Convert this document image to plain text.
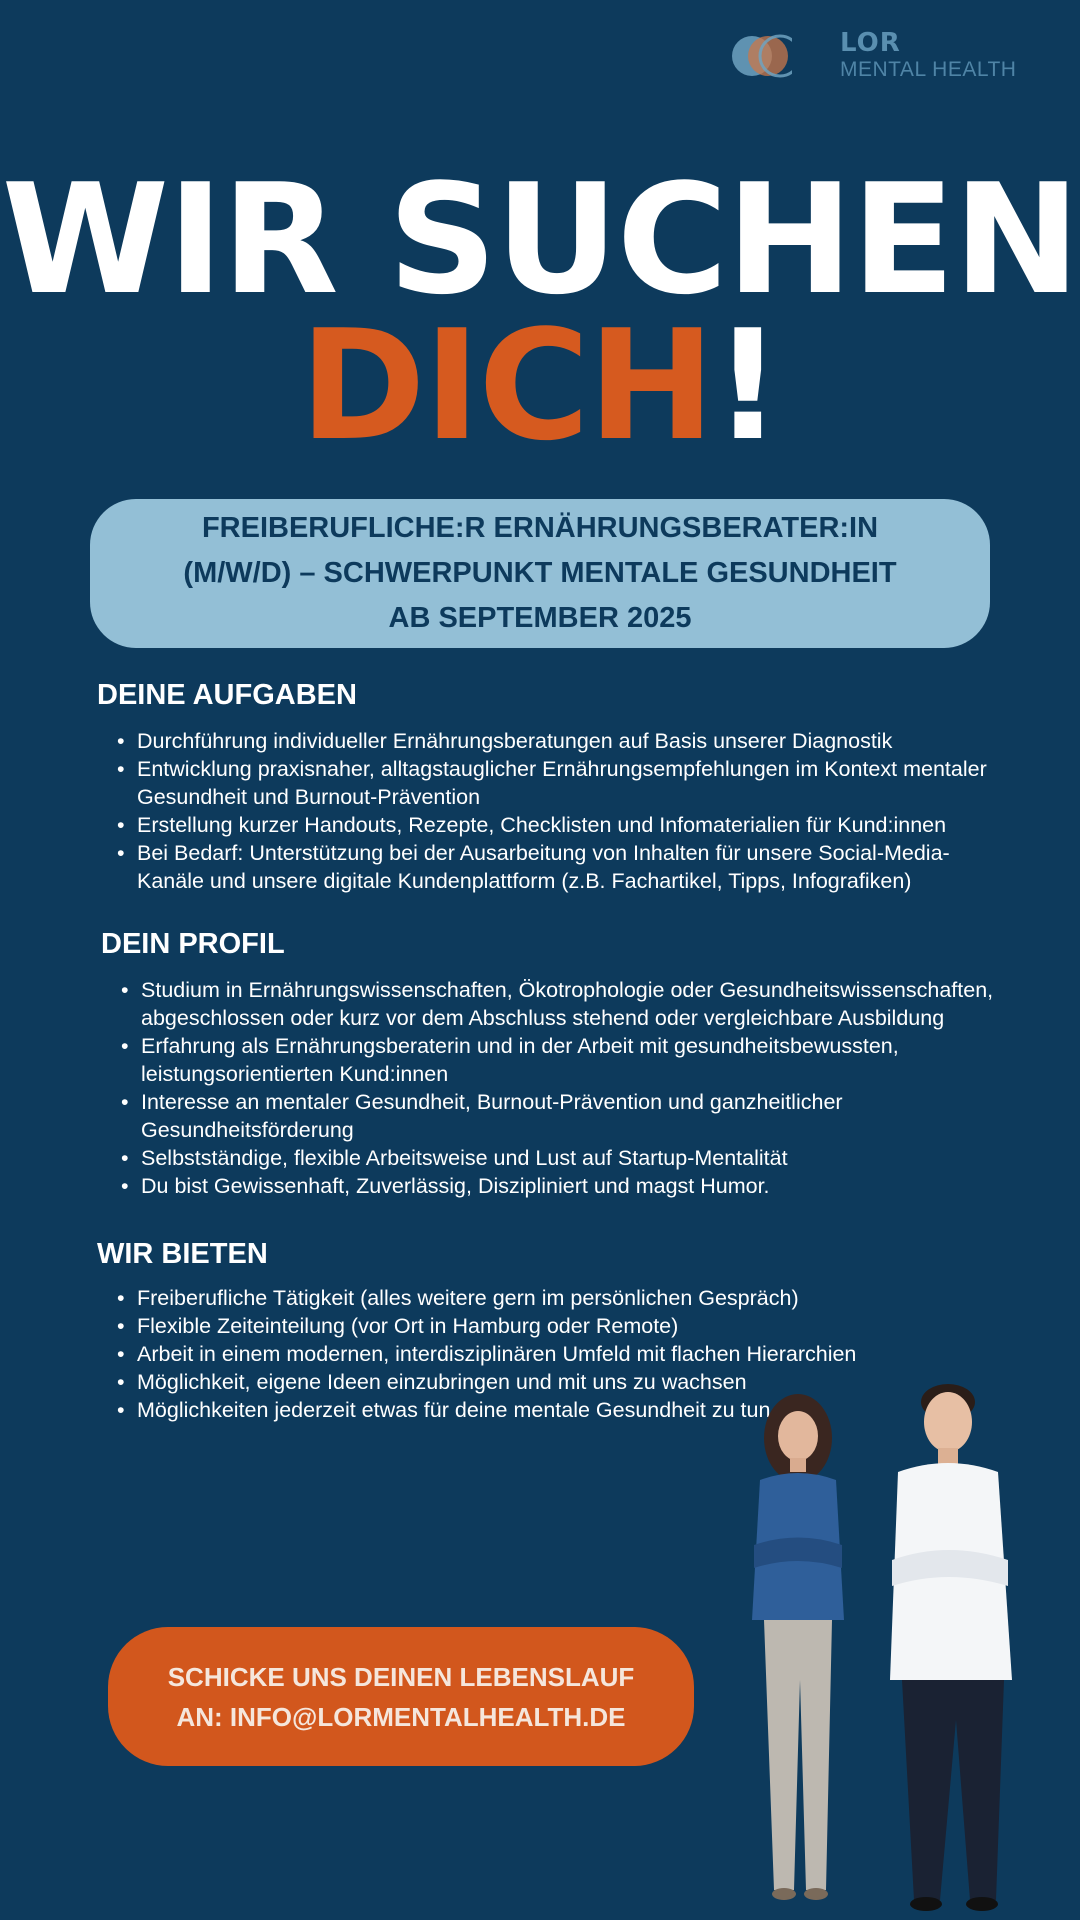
LOR
MENTAL HEALTH
WIR SUCHEN
DICH!
FREIBERUFLICHE:R ERNÄHRUNGSBERATER:IN
(M/W/D) – SCHWERPUNKT MENTALE GESUNDHEIT
AB SEPTEMBER 2025
DEINE AUFGABEN
• Durchführung individueller Ernährungsberatungen auf Basis unserer Diagnostik
• Entwicklung praxisnaher, alltagstauglicher Ernährungsempfehlungen im Kontext mentaler Gesundheit und Burnout-Prävention
• Erstellung kurzer Handouts, Rezepte, Checklisten und Infomaterialien für Kund:innen
• Bei Bedarf: Unterstützung bei der Ausarbeitung von Inhalten für unsere Social-Media-Kanäle und unsere digitale Kundenplattform (z.B. Fachartikel, Tipps, Infografiken)
DEIN PROFIL
• Studium in Ernährungswissenschaften, Ökotrophologie oder Gesundheitswissenschaften, abgeschlossen oder kurz vor dem Abschluss stehend oder vergleichbare Ausbildung
• Erfahrung als Ernährungsberaterin und in der Arbeit mit gesundheitsbewussten, leistungsorientierten Kund:innen
• Interesse an mentaler Gesundheit, Burnout-Prävention und ganzheitlicher Gesundheitsförderung
• Selbstständige, flexible Arbeitsweise und Lust auf Startup-Mentalität
• Du bist Gewissenhaft, Zuverlässig, Diszipliniert und magst Humor.
WIR BIETEN
• Freiberufliche Tätigkeit (alles weitere gern im persönlichen Gespräch)
• Flexible Zeiteinteilung (vor Ort in Hamburg oder Remote)
• Arbeit in einem modernen, interdisziplinären Umfeld mit flachen Hierarchien
• Möglichkeit, eigene Ideen einzubringen und mit uns zu wachsen
• Möglichkeiten jederzeit etwas für deine mentale Gesundheit zu tun
SCHICKE UNS DEINEN LEBENSLAUF
AN: INFO@LORMENTALHEALTH.DE
